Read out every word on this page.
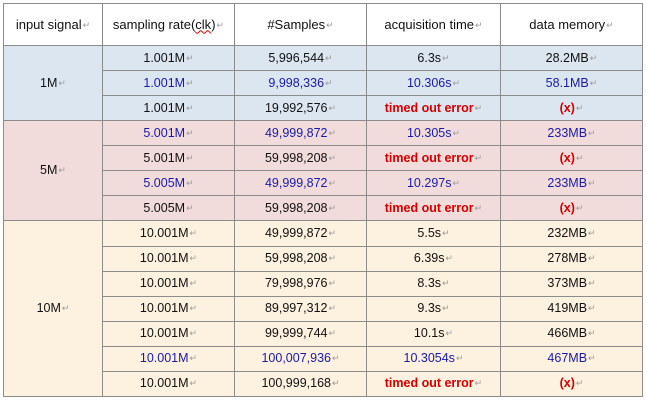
input signal↵	sampling rate(clk)↵	#Samples↵	acquisition time↵	data memory↵
1M↵	1.001M↵	5,996,544↵	6.3s↵	28.2MB↵
	1.001M↵	9,998,336↵	10.306s↵	58.1MB↵
	1.001M↵	19,992,576↵	timed out error↵	(x)↵
5M↵	5.001M↵	49,999,872↵	10.305s↵	233MB↵
	5.001M↵	59,998,208↵	timed out error↵	(x)↵
	5.005M↵	49,999,872↵	10.297s↵	233MB↵
	5.005M↵	59,998,208↵	timed out error↵	(x)↵
10M↵	10.001M↵	49,999,872↵	5.5s↵	232MB↵
	10.001M↵	59,998,208↵	6.39s↵	278MB↵
	10.001M↵	79,998,976↵	8.3s↵	373MB↵
	10.001M↵	89,997,312↵	9.3s↵	419MB↵
	10.001M↵	99,999,744↵	10.1s↵	466MB↵
	10.001M↵	100,007,936↵	10.3054s↵	467MB↵
	10.001M↵	100,999,168↵	timed out error↵	(x)↵
